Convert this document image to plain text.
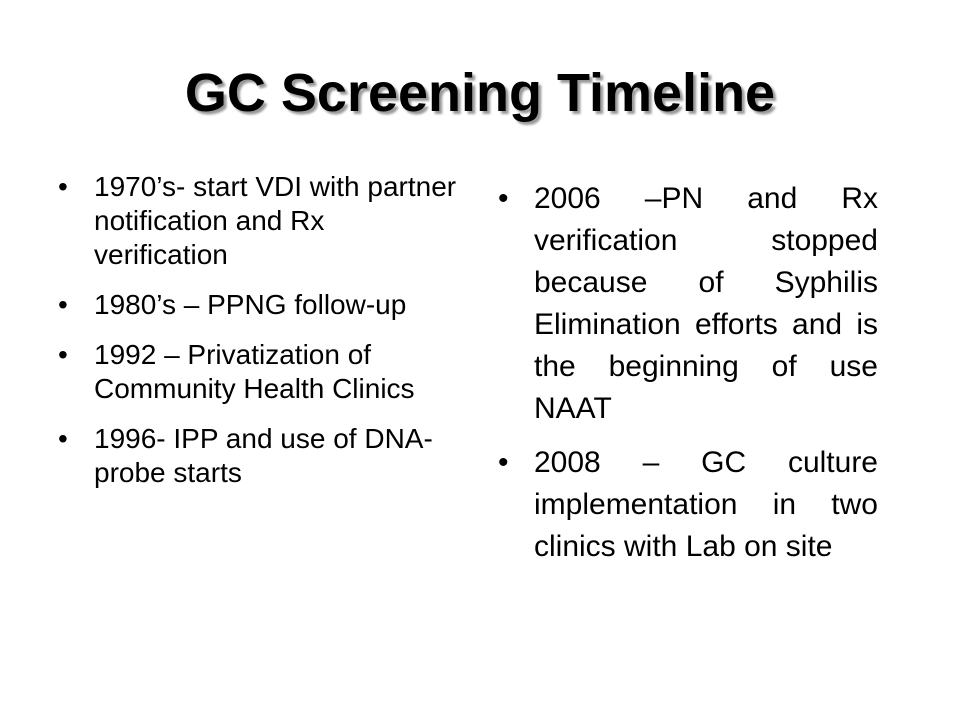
GC Screening Timeline
• 1970’s- start VDI with partner notification and Rx verification
• 1980’s – PPNG follow-up
• 1992 – Privatization of Community Health Clinics
• 1996- IPP and use of DNA-probe starts
• 2006 –PN and Rx verification stopped because of Syphilis Elimination efforts and is the beginning of use NAAT
• 2008 – GC culture implementation in two clinics with Lab on site
